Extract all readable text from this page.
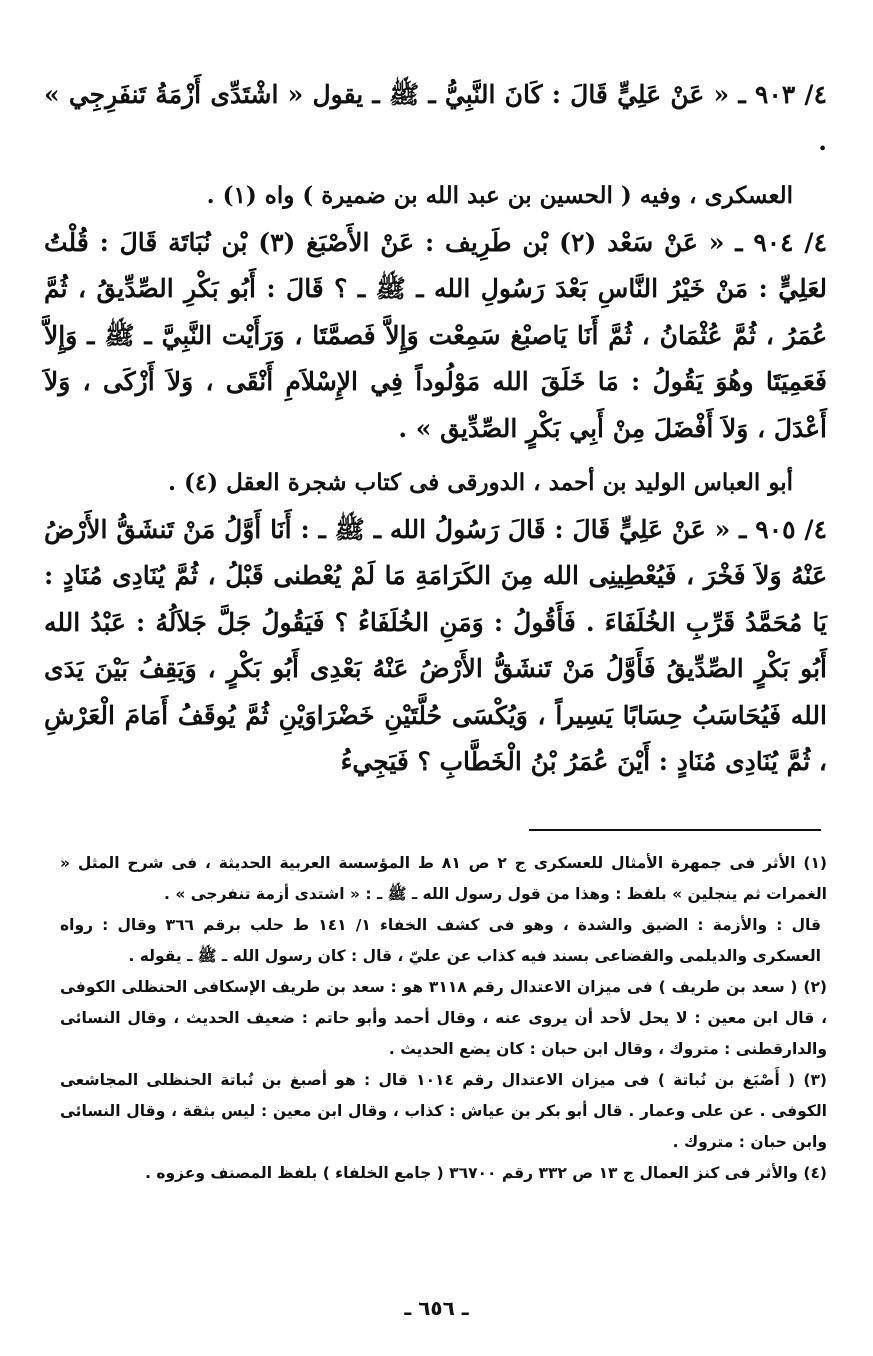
٤/ ٩٠٣ ـ « عَنْ عَلِيٍّ قَالَ : كَانَ النَّبِيُّ ـ ﷺ ـ يقول « اشْتَدِّى أَزْمَةُ تَنفَرِجِي » .

العسكرى ، وفيه ( الحسين بن عبد الله بن ضميرة ) واه (١) .

٤/ ٩٠٤ ـ « عَنْ سَعْد (٢) بْن طَرِيف : عَنْ الأَصْبَغ (٣) بْن نُبَاتَة قَالَ : قُلْتُ لعَلِيٍّ : مَنْ خَيْرُ النَّاسِ بَعْدَ رَسُولِ الله ـ ﷺ ـ ؟ قَالَ : أَبُو بَكْرِ الصِّدِّيقُ ، ثُمَّ عُمَرُ ، ثُمَّ عُثْمَانُ ، ثُمَّ أَنَا يَاصبْغ سَمِعْت وَإِلاَّ فَصمَّتَا ، وَرَأَيْت النَّبِيَّ ـ ﷺ ـ وَإِلاَّ فَعَمِيَتَا وهُوَ يَقُولُ : مَا خَلَقَ الله مَوْلُوداً فِي الإِسْلاَمِ أَنْقَى ، وَلاَ أَزْكَى ، وَلاَ أَعْدَلَ ، وَلاَ أَفْضَلَ مِنْ أَبِي بَكْرٍ الصِّدِّيق » .

أبو العباس الوليد بن أحمد ، الدورقى فى كتاب شجرة العقل (٤) .

٤/ ٩٠٥ ـ « عَنْ عَلِيٍّ قَالَ : قَالَ رَسُولُ الله ـ ﷺ ـ : أَنَا أَوَّلُ مَنْ تَنشَقُّ الأَرْضُ عَنْهُ وَلاَ فَخْرَ ، فَيُعْطِينِى الله مِنَ الكَرَامَةِ مَا لَمْ يُعْطنى قَبْلُ ، ثُمَّ يُنَادِى مُنَادٍ : يَا مُحَمَّدُ قَرِّبِ الخُلَفَاءَ . فَأَقُولُ : وَمَنِ الخُلَفَاءُ ؟ فَيَقُولُ جَلَّ جَلاَلُهُ : عَبْدُ الله أَبُو بَكْرٍ الصِّدِّيقُ فَأَوَّلُ مَنْ تَنشَقُّ الأَرْضُ عَنْهُ بَعْدِى أَبُو بَكْرٍ ، وَيَقِفُ بَيْنَ يَدَى الله فَيُحَاسَبُ حِسَابًا يَسِيراً ، وَيُكْسَى حُلَّتَيْنِ خَضْرَاوَيْنِ ثُمَّ يُوقَفُ أَمَامَ الْعَرْشِ ، ثُمَّ يُنَادِى مُنَادٍ : أَيْنَ عُمَرُ بْنُ الْخَطَّابِ ؟ فَيَجِيءُ

(١) الأثر فى جمهرة الأمثال للعسكرى ج ٢ ص ٨١ ط المؤسسة العربية الحديثة ، فى شرح المثل « الغمرات ثم ينجلين » بلفظ : وهذا من قول رسول الله ـ ﷺ ـ : « اشتدى أزمة تنفرجى » .

قال : والأزمة : الضيق والشدة ، وهو فى كشف الخفاء ١/ ١٤١ ط حلب برقم ٣٦٦ وقال : رواه العسكرى والديلمى والقضاعى بسند فيه كذاب عن عليّ ، قال : كان رسول الله ـ ﷺ ـ يقوله .

(٢) ( سعد بن طريف ) فى ميزان الاعتدال رقم ٣١١٨ هو : سعد بن طريف الإسكافى الحنظلى الكوفى ، قال ابن معين : لا يحل لأحد أن يروى عنه ، وقال أحمد وأبو حاتم : ضعيف الحديث ، وقال النسائى والدارقطنى : متروك ، وقال ابن حبان : كان يضع الحديث .

(٣) ( أَصْبَغ بن نُباتة ) فى ميزان الاعتدال رقم ١٠١٤ قال : هو أصبغ بن نُباتة الحنظلى المجاشعى الكوفى . عن على وعمار . قال أبو بكر بن عياش : كذاب ، وقال ابن معين : ليس بثقة ، وقال النسائى وابن حبان : متروك .

(٤) والأثر فى كنز العمال ج ١٣ ص ٣٣٢ رقم ٣٦٧٠٠ ( جامع الخلفاء ) بلفظ المصنف وعزوه .

ـ ٦٥٦ ـ
